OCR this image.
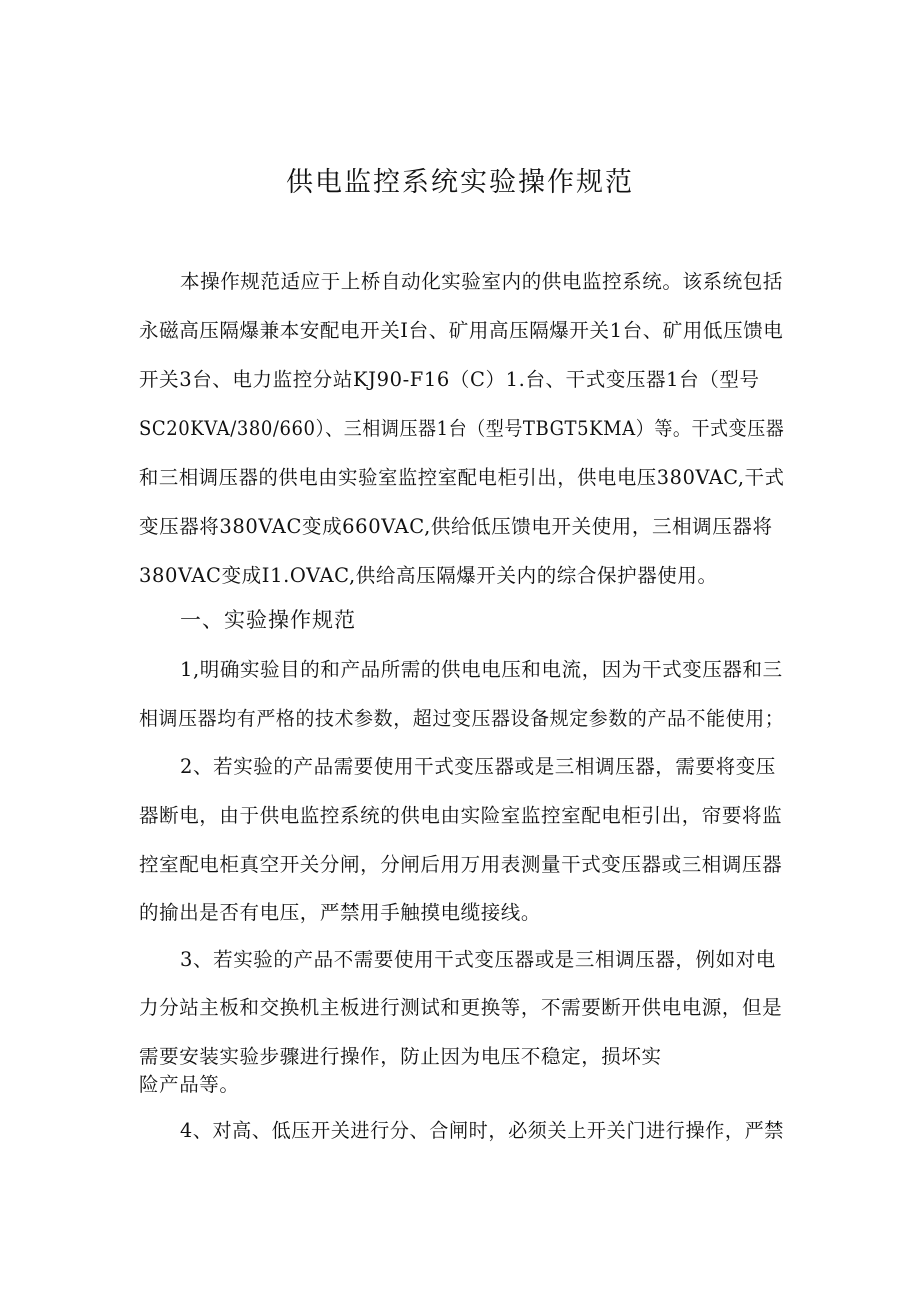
供电监控系统实验操作规范
本操作规范适应于上桥自动化实验室内的供电监控系统。该系统包括
永磁高压隔爆兼本安配电开关I台、矿用高压隔爆开关1台、矿用低压馈电
开关3台、电力监控分站KJ90-F16（C）1.台、干式变压器1台（型号
SC20KVA/380/660）、三相调压器1台（型号TBGT5KMA）等。干式变压器
和三相调压器的供电由实验室监控室配电柜引出，供电电压380VAC,干式
变压器将380VAC变成660VAC,供给低压馈电开关使用，三相调压器将
380VAC变成I1.OVAC,供给高压隔爆开关内的综合保护器使用。
一、实验操作规范
1,明确实验目的和产品所需的供电电压和电流，因为干式变压器和三
相调压器均有严格的技术参数，超过变压器设备规定参数的产品不能使用；
2、若实验的产品需要使用干式变压器或是三相调压器，需要将变压
器断电，由于供电监控系统的供电由实险室监控室配电柜引出，帘要将监
控室配电柜真空开关分闸，分闸后用万用表测量干式变压器或三相调压器
的揄出是否有电压，严禁用手触摸电缆接线。
3、若实验的产品不需要使用干式变压器或是三相调压器，例如对电
力分站主板和交换机主板进行测试和更换等，不需要断开供电电源，但是
需要安装实验步骤进行操作，防止因为电压不稳定，损坏实
险产品等。
4、对高、低压开关进行分、合闸时，必须关上开关门进行操作，严禁
